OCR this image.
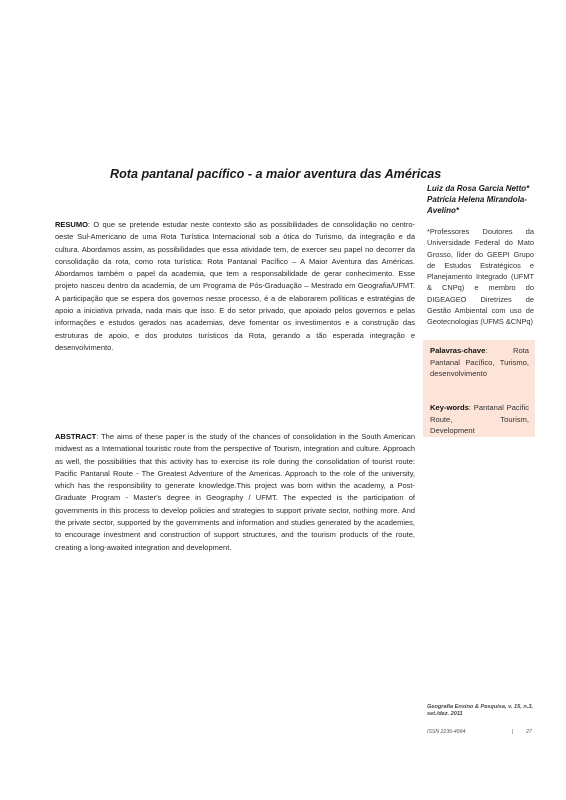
Rota pantanal pacífico - a maior aventura das Américas
Luiz da Rosa Garcia Netto*
Patrícia Helena Mirandola-Avelino*
*Professores Doutores da Universidade Federal do Mato Grosso, líder do GEEPI Grupo de Estudos Estratégicos e Planejamento Integrado (UFMT & CNPq) e membro do DIGEAGEO Diretrizes de Gestão Ambiental com uso de Geotecnologias (UFMS &CNPq)
RESUMO: O que se pretende estudar neste contexto são as possibilidades de consolidação no centro-oeste Sul-Americano de uma Rota Turística Internacional sob a ótica do Turismo, da integração e da cultura. Abordamos assim, as possibilidades que essa atividade tem, de exercer seu papel no decorrer da consolidação da rota, como rota turística: Rota Pantanal Pacífico – A Maior Aventura das Américas. Abordamos também o papel da academia, que tem a responsabilidade de gerar conhecimento. Esse projeto nasceu dentro da academia, de um Programa de Pós-Graduação – Mestrado em Geografia/UFMT. A participação que se espera dos governos nesse processo, é a de elaborarem políticas e estratégias de apoio a iniciativa privada, nada mais que isso. E do setor privado, que apoiado pelos governos e pelas informações e estudos gerados nas academias, deve fomentar os investimentos e a construção das estruturas de apoio, e dos produtos turísticos da Rota, gerando a tão esperada integração e desenvolvimento.	Palavras-chave: Rota Pantanal Pacífico, Turismo, desenvolvimento
Key-words: Pantanal Pacific Route, Tourism, Development
ABSTRACT: The aims of these paper is the study of the chances of consolidation in the South American midwest as a International touristic route from the perspective of Tourism, integration and culture. Approach as well, the possibilities that this activity has to exercise its role during the consolidation of tourist route: Pacific Pantanal Route - The Greatest Adventure of the Americas. Approach to the role of the university, which has the responsibility to generate knowledge.This project was born within the academy, a Post-Graduate Program - Master's degree in Geography / UFMT. The expected is the participation of governments in this process to develop policies and strategies to support private sector, nothing more. And the private sector, supported by the governments and information and studies generated by the academies, to encourage investment and construction of support structures, and the tourism products of the route, creating a long-awaited integration and development.
Geografia Ensino & Pesquisa, v. 15, n.3, set./dez. 2011
ISSN 2236-4994	| 27
